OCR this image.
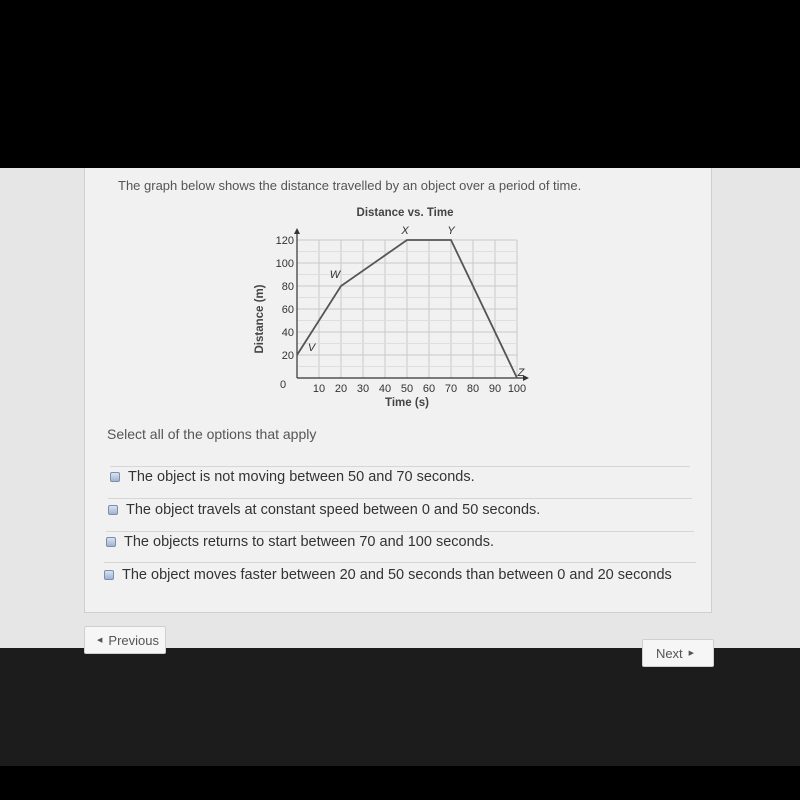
The graph below shows the distance travelled by an object over a period of time.
Distance vs. Time
10 20 30 40 50 60 70 80 90 100
20
40
60
80
100
120
0
Time (s)
Distance (m)	V
W
X	Y
Z
Select all of the options that apply
The object is not moving between 50 and 70 seconds.
The object travels at constant speed between 0 and 50 seconds.
The objects returns to start between 70 and 100 seconds.
The object moves faster between 20 and 50 seconds than between 0 and 20 seconds
◀ Previous
Next ▶
